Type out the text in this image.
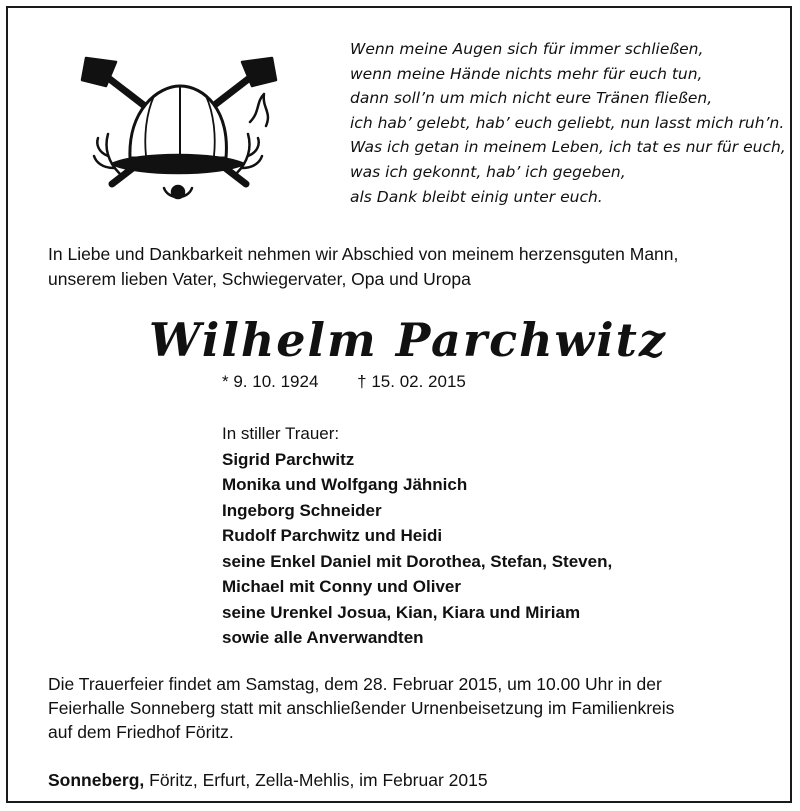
Wenn meine Augen sich für immer schließen,
wenn meine Hände nichts mehr für euch tun,
dann soll’n um mich nicht eure Tränen fließen,
ich hab’ gelebt, hab’ euch geliebt, nun lasst mich ruh’n.
Was ich getan in meinem Leben, ich tat es nur für euch,
was ich gekonnt, hab’ ich gegeben,
als Dank bleibt einig unter euch.
In Liebe und Dankbarkeit nehmen wir Abschied von meinem herzensguten Mann,
unserem lieben Vater, Schwiegervater, Opa und Uropa
Wilhelm Parchwitz
* 9. 10. 1924 † 15. 02. 2015
In stiller Trauer:
Sigrid Parchwitz
Monika und Wolfgang Jähnich
Ingeborg Schneider
Rudolf Parchwitz und Heidi
seine Enkel Daniel mit Dorothea, Stefan, Steven,
Michael mit Conny und Oliver
seine Urenkel Josua, Kian, Kiara und Miriam
sowie alle Anverwandten
Die Trauerfeier findet am Samstag, dem 28. Februar 2015, um 10.00 Uhr in der
Feierhalle Sonneberg statt mit anschließender Urnenbeisetzung im Familienkreis
auf dem Friedhof Föritz.
Sonneberg, Föritz, Erfurt, Zella-Mehlis, im Februar 2015
